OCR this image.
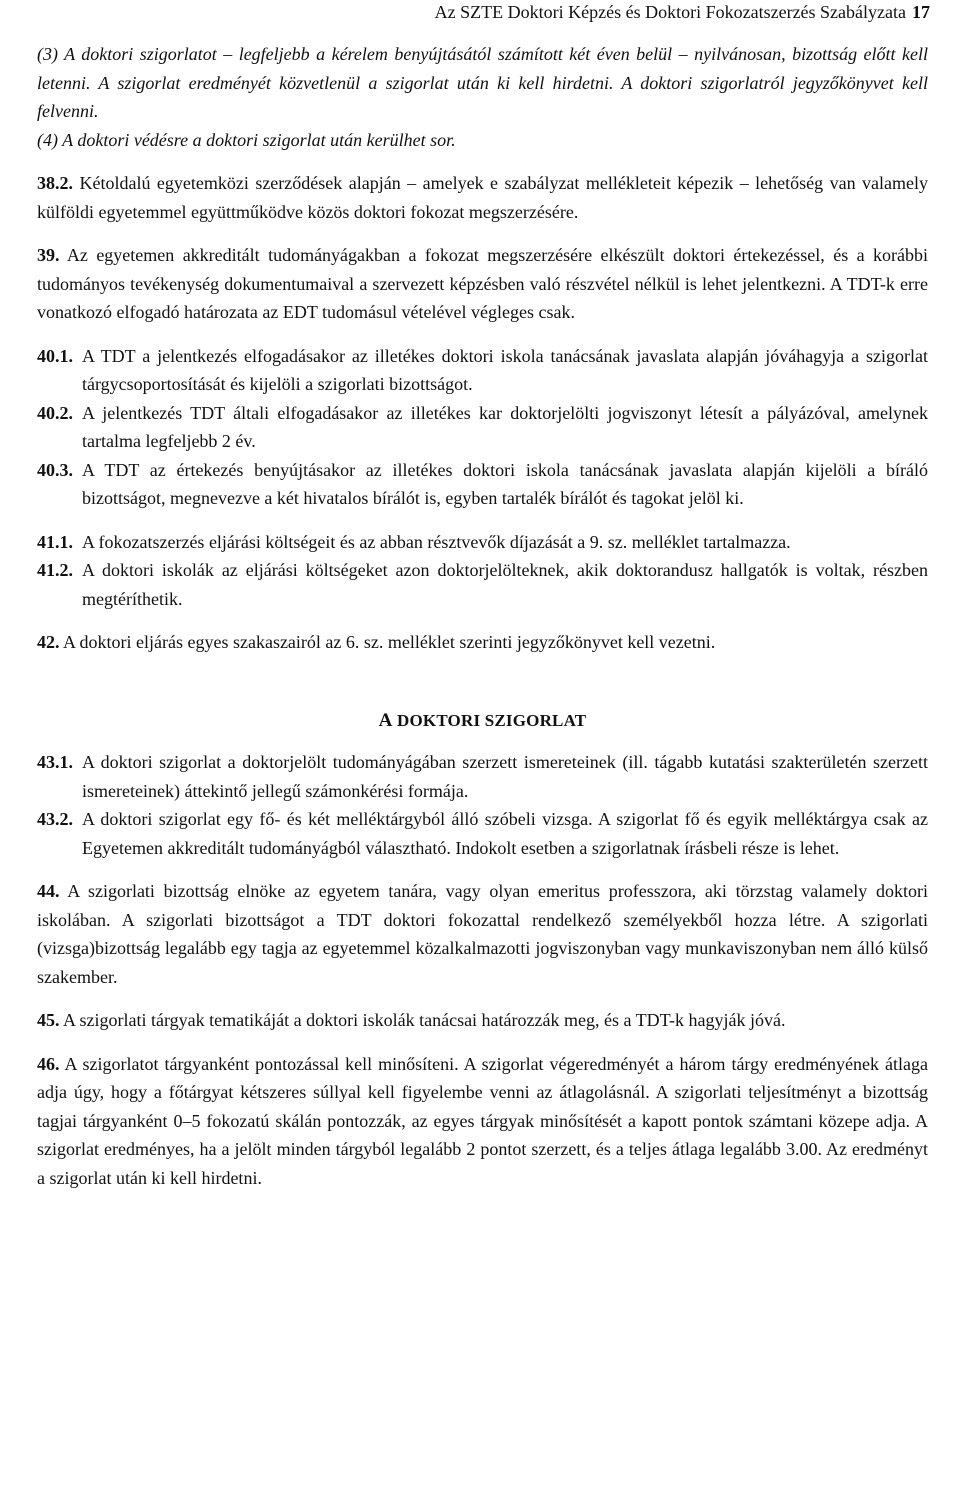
Az SZTE Doktori Képzés és Doktori Fokozatszerzés Szabályzata 17

(3) A doktori szigorlatot – legfeljebb a kérelem benyújtásától számított két éven belül – nyilvánosan, bizottság előtt kell letenni. A szigorlat eredményét közvetlenül a szigorlat után ki kell hirdetni. A doktori szigorlatról jegyzőkönyvet kell felvenni.

(4) A doktori védésre a doktori szigorlat után kerülhet sor.

38.2. Kétoldalú egyetemközi szerződések alapján – amelyek e szabályzat mellékleteit képezik – lehetőség van valamely külföldi egyetemmel együttműködve közös doktori fokozat megszerzésére.

39. Az egyetemen akkreditált tudományágakban a fokozat megszerzésére elkészült doktori értekezéssel, és a korábbi tudományos tevékenység dokumentumaival a szervezett képzésben való részvétel nélkül is lehet jelentkezni. A TDT-k erre vonatkozó elfogadó határozata az EDT tudomásul vételével végleges csak.

40.1. A TDT a jelentkezés elfogadásakor az illetékes doktori iskola tanácsának javaslata alapján jóváhagyja a szigorlat tárgycsoportosítását és kijelöli a szigorlati bizottságot.
40.2. A jelentkezés TDT általi elfogadásakor az illetékes kar doktorjelölti jogviszonyt létesít a pályázóval, amelynek tartalma legfeljebb 2 év.
40.3. A TDT az értekezés benyújtásakor az illetékes doktori iskola tanácsának javaslata alapján kijelöli a bíráló bizottságot, megnevezve a két hivatalos bírálót is, egyben tartalék bírálót és tagokat jelöl ki.
41.1. A fokozatszerzés eljárási költségeit és az abban résztvevők díjazását a 9. sz. melléklet tartalmazza.
41.2. A doktori iskolák az eljárási költségeket azon doktorjelölteknek, akik doktorandusz hallgatók is voltak, részben megtéríthetik.

42. A doktori eljárás egyes szakaszairól az 6. sz. melléklet szerinti jegyzőkönyvet kell vezetni.

A DOKTORI SZIGORLAT
43.1. A doktori szigorlat a doktorjelölt tudományágában szerzett ismereteinek (ill. tágabb kutatási szakterületén szerzett ismereteinek) áttekintő jellegű számonkérési formája.
43.2. A doktori szigorlat egy fő- és két melléktárgyból álló szóbeli vizsga. A szigorlat fő és egyik melléktárgya csak az Egyetemen akkreditált tudományágból választható. Indokolt esetben a szigorlatnak írásbeli része is lehet.

44. A szigorlati bizottság elnöke az egyetem tanára, vagy olyan emeritus professzora, aki törzstag valamely doktori iskolában. A szigorlati bizottságot a TDT doktori fokozattal rendelkező személyekből hozza létre. A szigorlati (vizsga)bizottság legalább egy tagja az egyetemmel közalkalmazotti jogviszonyban vagy munkaviszonyban nem álló külső szakember.

45. A szigorlati tárgyak tematikáját a doktori iskolák tanácsai határozzák meg, és a TDT-k hagyják jóvá.

46. A szigorlatot tárgyanként pontozással kell minősíteni. A szigorlat végeredményét a három tárgy eredményének átlaga adja úgy, hogy a főtárgyat kétszeres súllyal kell figyelembe venni az átlagolásnál. A szigorlati teljesítményt a bizottság tagjai tárgyanként 0–5 fokozatú skálán pontozzák, az egyes tárgyak minősítését a kapott pontok számtani közepe adja. A szigorlat eredményes, ha a jelölt minden tárgyból legalább 2 pontot szerzett, és a teljes átlaga legalább 3.00. Az eredményt a szigorlat után ki kell hirdetni.
